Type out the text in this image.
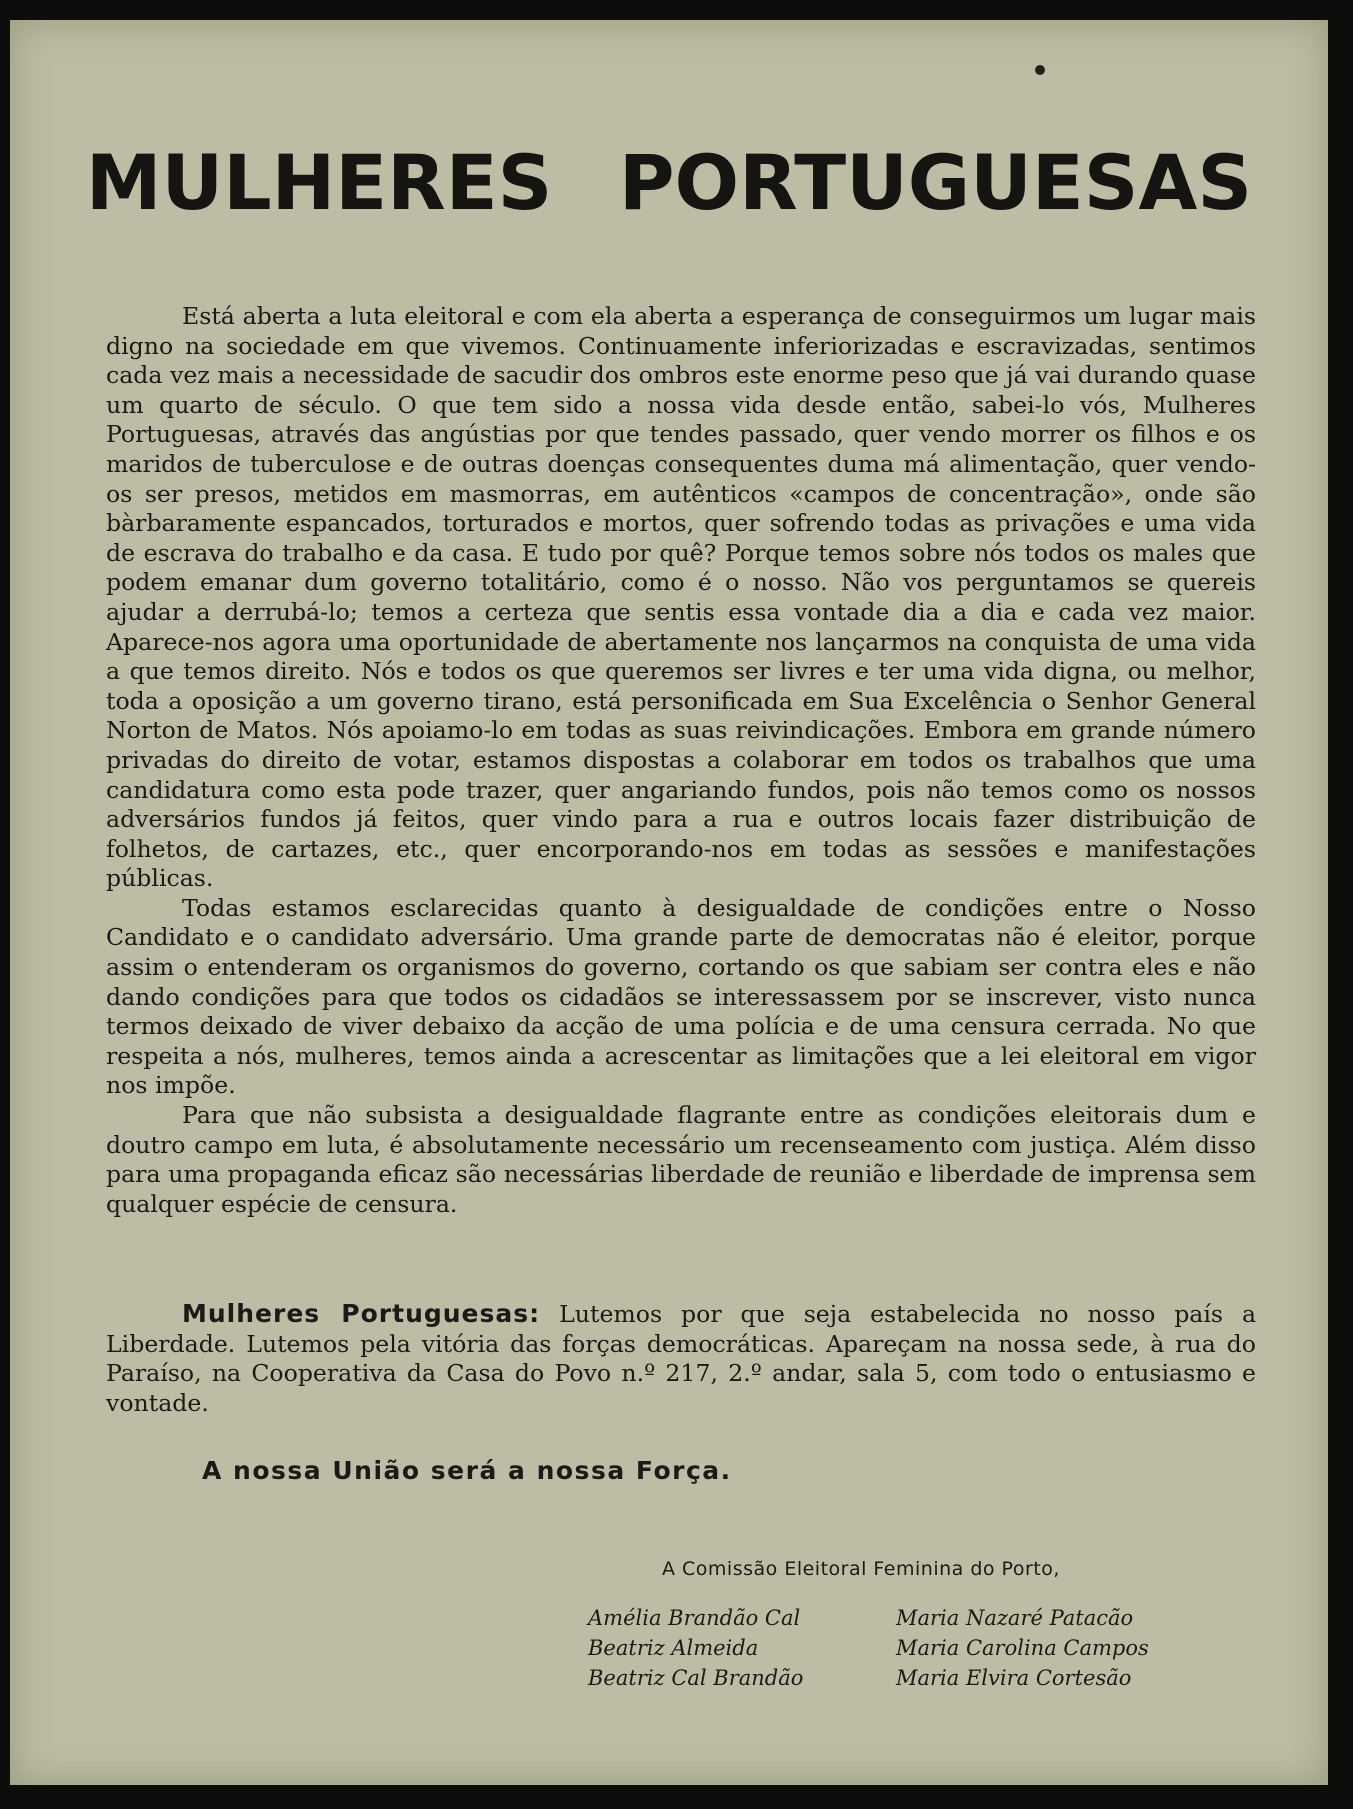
MULHERES PORTUGUESAS

Está aberta a luta eleitoral e com ela aberta a esperança de conseguirmos um lugar mais digno na sociedade em que vivemos. Continuamente inferiorizadas e escravizadas, sentimos cada vez mais a necessidade de sacudir dos ombros este enorme peso que já vai durando quase um quarto de século. O que tem sido a nossa vida desde então, sabei-lo vós, Mulheres Portuguesas, através das angústias por que tendes passado, quer vendo morrer os filhos e os maridos de tuberculose e de outras doenças consequentes duma má alimentação, quer vendo-os ser presos, metidos em masmorras, em autênticos «campos de concentração», onde são bàrbaramente espancados, torturados e mortos, quer sofrendo todas as privações e uma vida de escrava do trabalho e da casa. E tudo por quê? Porque temos sobre nós todos os males que podem emanar dum governo totalitário, como é o nosso. Não vos perguntamos se quereis ajudar a derrubá-lo; temos a certeza que sentis essa vontade dia a dia e cada vez maior. Aparece-nos agora uma oportunidade de abertamente nos lançarmos na conquista de uma vida a que temos direito. Nós e todos os que queremos ser livres e ter uma vida digna, ou melhor, toda a oposição a um governo tirano, está personificada em Sua Excelência o Senhor General Norton de Matos. Nós apoiamo-lo em todas as suas reivindicações. Embora em grande número privadas do direito de votar, estamos dispostas a colaborar em todos os trabalhos que uma candidatura como esta pode trazer, quer angariando fundos, pois não temos como os nossos adversários fundos já feitos, quer vindo para a rua e outros locais fazer distribuição de folhetos, de cartazes, etc., quer encorporando-nos em todas as sessões e manifestações públicas.

Todas estamos esclarecidas quanto à desigualdade de condições entre o Nosso Candidato e o candidato adversário. Uma grande parte de democratas não é eleitor, porque assim o entenderam os organismos do governo, cortando os que sabiam ser contra eles e não dando condições para que todos os cidadãos se interessassem por se inscrever, visto nunca termos deixado de viver debaixo da acção de uma polícia e de uma censura cerrada. No que respeita a nós, mulheres, temos ainda a acrescentar as limitações que a lei eleitoral em vigor nos impõe.

Para que não subsista a desigualdade flagrante entre as condições eleitorais dum e doutro campo em luta, é absolutamente necessário um recenseamento com justiça. Além disso para uma propaganda eficaz são necessárias liberdade de reunião e liberdade de imprensa sem qualquer espécie de censura.

Mulheres Portuguesas: Lutemos por que seja estabelecida no nosso país a Liberdade. Lutemos pela vitória das forças democráticas. Apareçam na nossa sede, à rua do Paraíso, na Cooperativa da Casa do Povo n.º 217, 2.º andar, sala 5, com todo o entusiasmo e vontade.

A nossa União será a nossa Força.

A Comissão Eleitoral Feminina do Porto,

Amélia Brandão Cal
Beatriz Almeida
Beatriz Cal Brandão
Maria Nazaré Patacão
Maria Carolina Campos
Maria Elvira Cortesão
